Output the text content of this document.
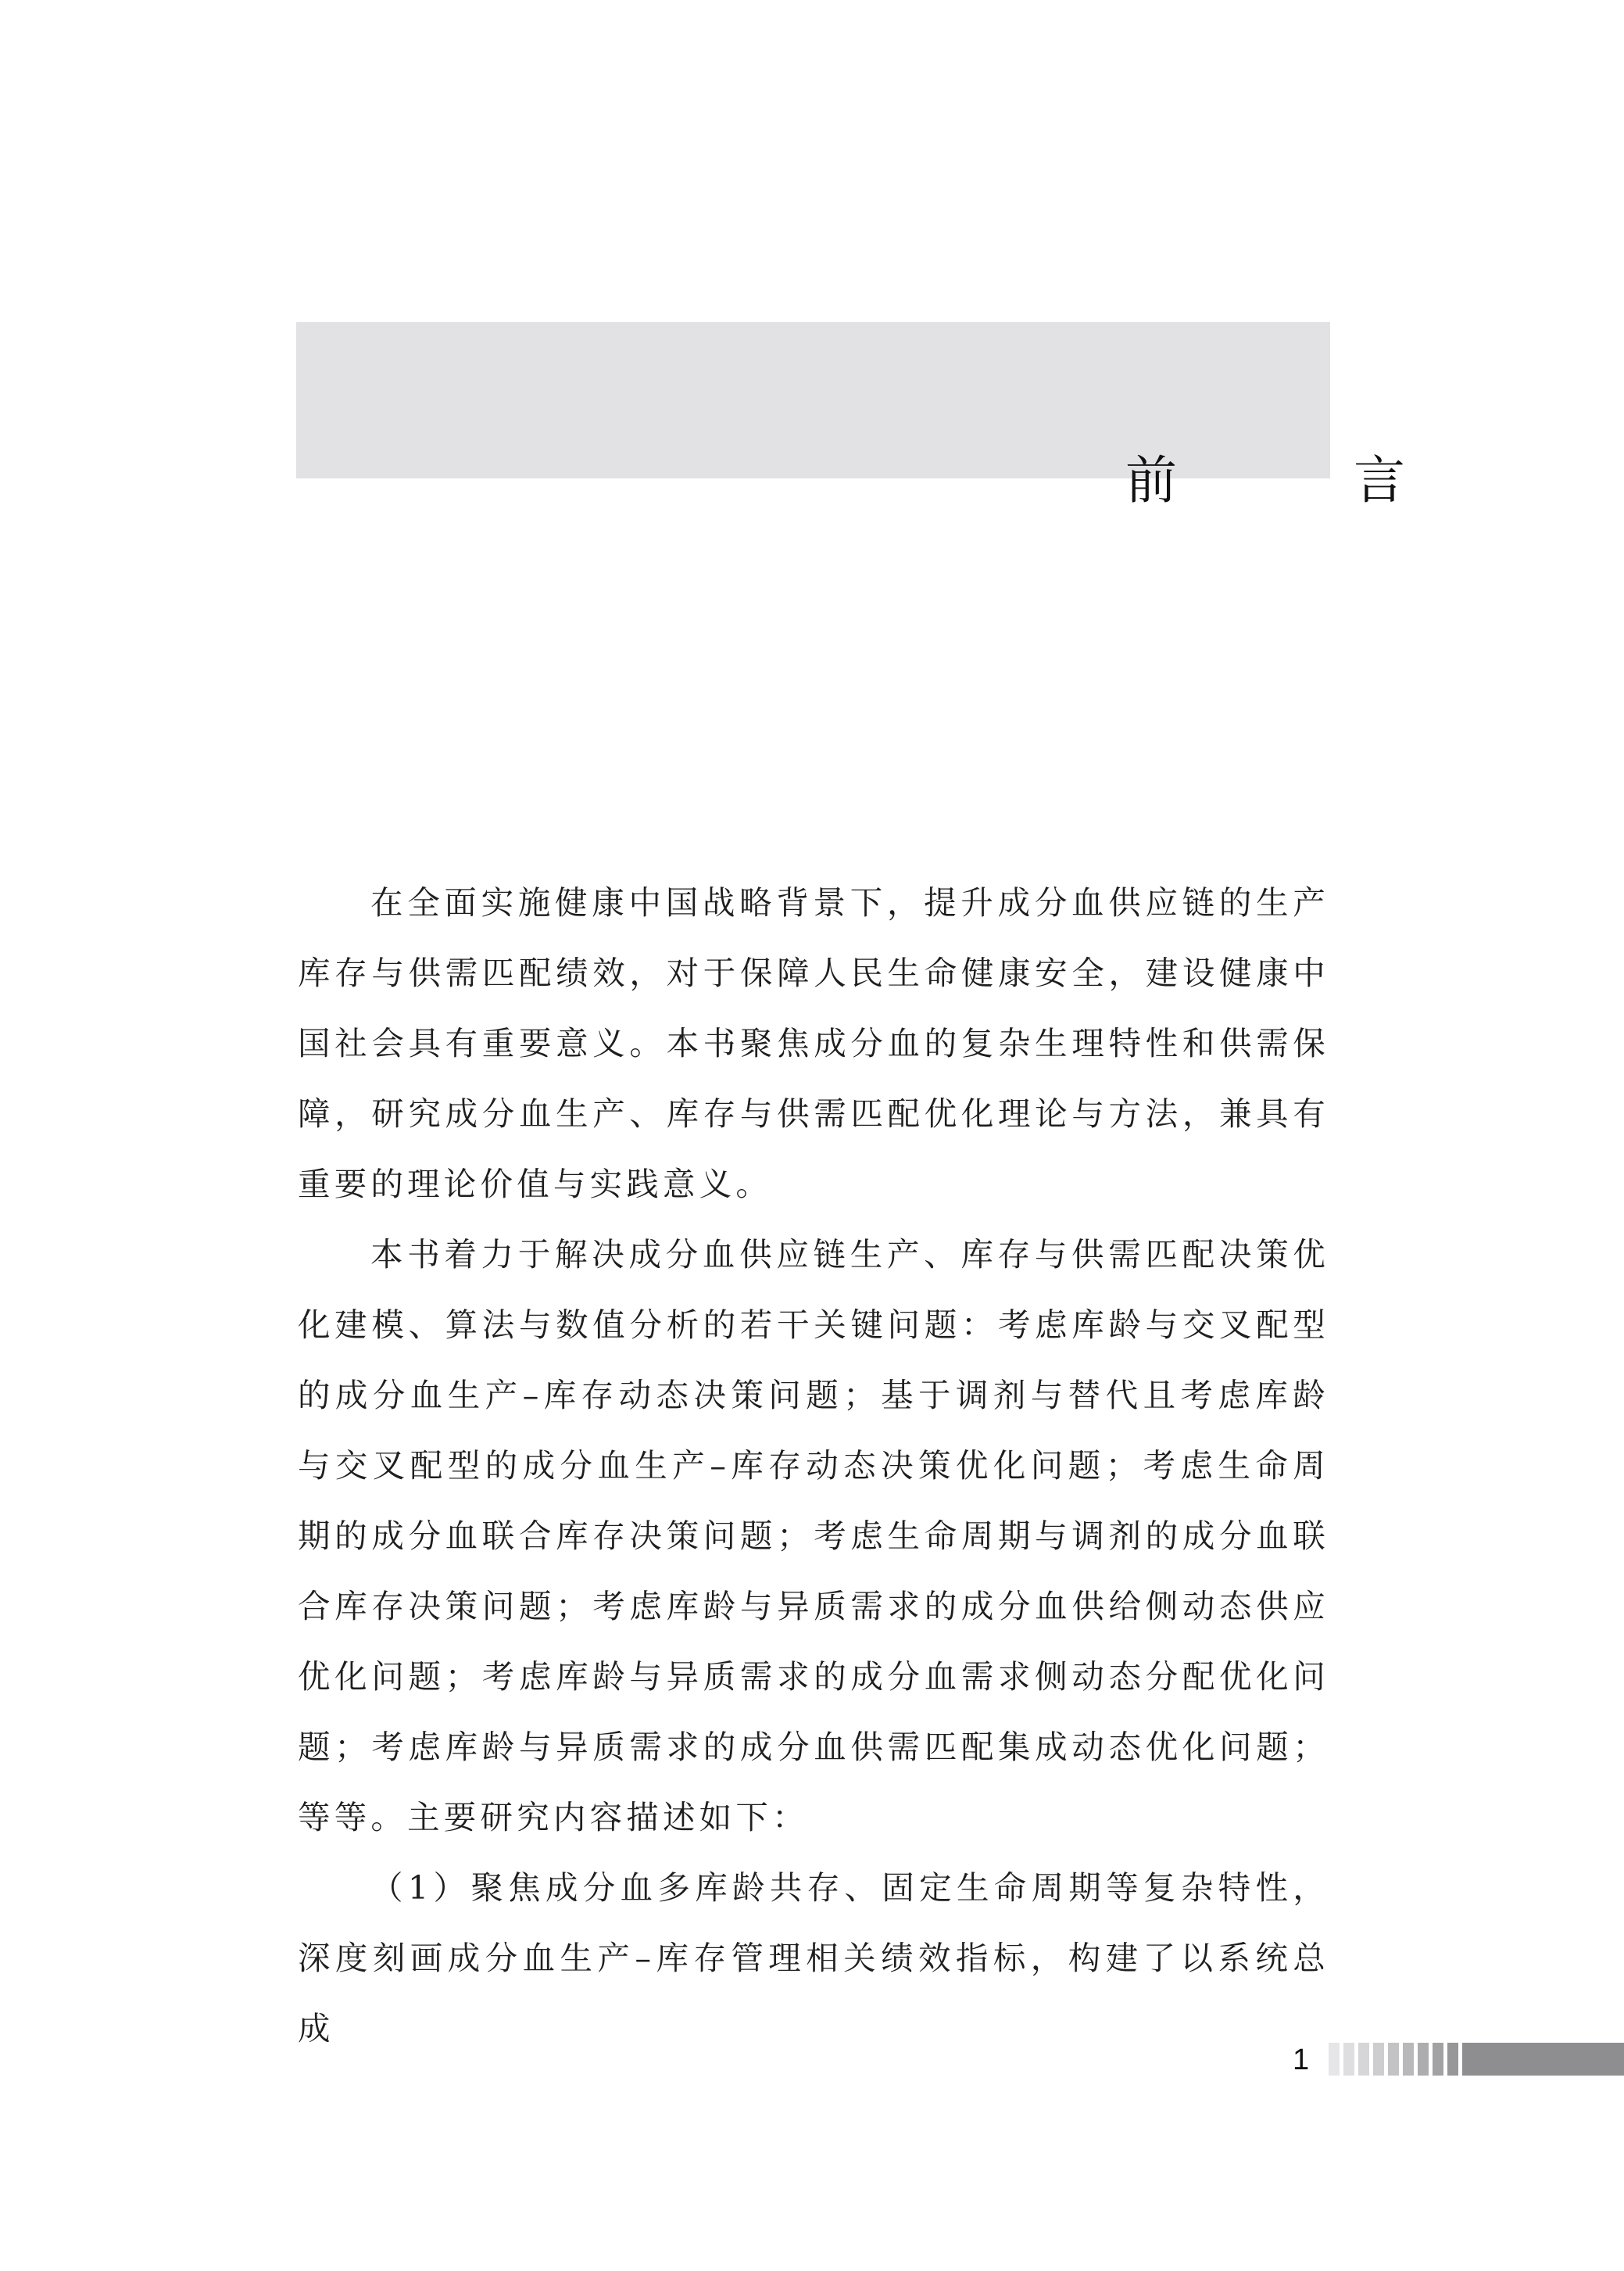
前　言

在全面实施健康中国战略背景下，提升成分血供应链的生产库存与供需匹配绩效，对于保障人民生命健康安全，建设健康中国社会具有重要意义。本书聚焦成分血的复杂生理特性和供需保障，研究成分血生产、库存与供需匹配优化理论与方法，兼具有重要的理论价值与实践意义。

本书着力于解决成分血供应链生产、库存与供需匹配决策优化建模、算法与数值分析的若干关键问题：考虑库龄与交叉配型的成分血生产–库存动态决策问题；基于调剂与替代且考虑库龄与交叉配型的成分血生产–库存动态决策优化问题；考虑生命周期的成分血联合库存决策问题；考虑生命周期与调剂的成分血联合库存决策问题；考虑库龄与异质需求的成分血供给侧动态供应优化问题；考虑库龄与异质需求的成分血需求侧动态分配优化问题；考虑库龄与异质需求的成分血供需匹配集成动态优化问题；等等。主要研究内容描述如下：

（1）聚焦成分血多库龄共存、固定生命周期等复杂特性，深度刻画成分血生产–库存管理相关绩效指标，构建了以系统总成

1
